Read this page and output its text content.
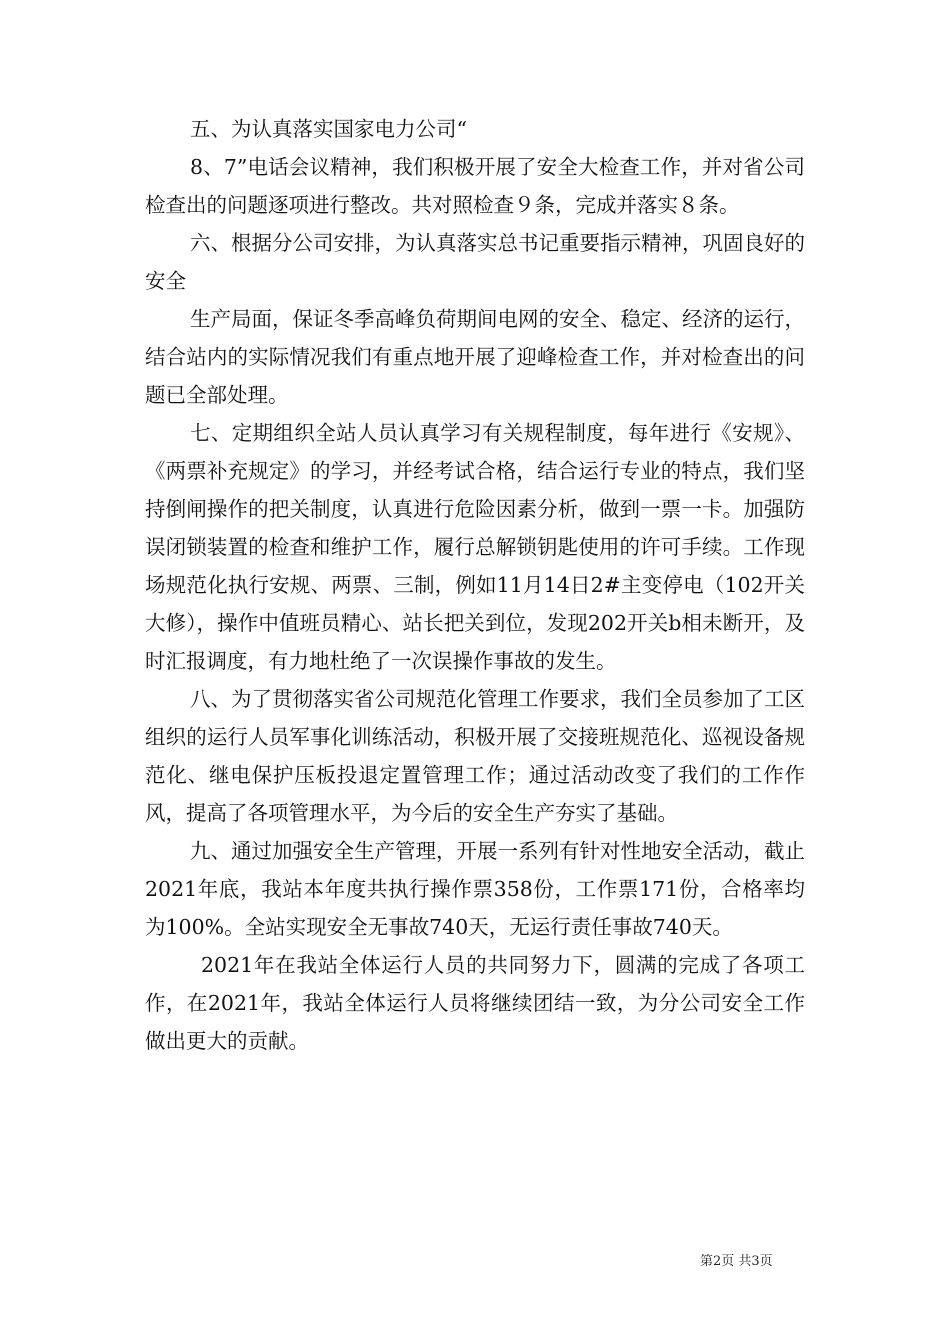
五、为认真落实国家电力公司“

8、7”电话会议精神，我们积极开展了安全大检查工作，并对省公司检查出的问题逐项进行整改。共对照检查９条，完成并落实８条。

六、根据分公司安排，为认真落实总书记重要指示精神，巩固良好的安全

生产局面，保证冬季高峰负荷期间电网的安全、稳定、经济的运行，结合站内的实际情况我们有重点地开展了迎峰检查工作，并对检查出的问题已全部处理。

七、定期组织全站人员认真学习有关规程制度，每年进行《安规》、《两票补充规定》的学习，并经考试合格，结合运行专业的特点，我们坚持倒闸操作的把关制度，认真进行危险因素分析，做到一票一卡。加强防误闭锁装置的检查和维护工作，履行总解锁钥匙使用的许可手续。工作现场规范化执行安规、两票、三制，例如11月14日2#主变停电（102开关大修），操作中值班员精心、站长把关到位，发现202开关b相未断开，及时汇报调度，有力地杜绝了一次误操作事故的发生。

八、为了贯彻落实省公司规范化管理工作要求，我们全员参加了工区组织的运行人员军事化训练活动，积极开展了交接班规范化、巡视设备规范化、继电保护压板投退定置管理工作；通过活动改变了我们的工作作风，提高了各项管理水平，为今后的安全生产夯实了基础。

九、通过加强安全生产管理，开展一系列有针对性地安全活动，截止2021年底，我站本年度共执行操作票358份，工作票171份，合格率均为100%。全站实现安全无事故740天，无运行责任事故740天。

2021年在我站全体运行人员的共同努力下，圆满的完成了各项工作，在2021年，我站全体运行人员将继续团结一致，为分公司安全工作做出更大的贡献。

第2页 共3页
